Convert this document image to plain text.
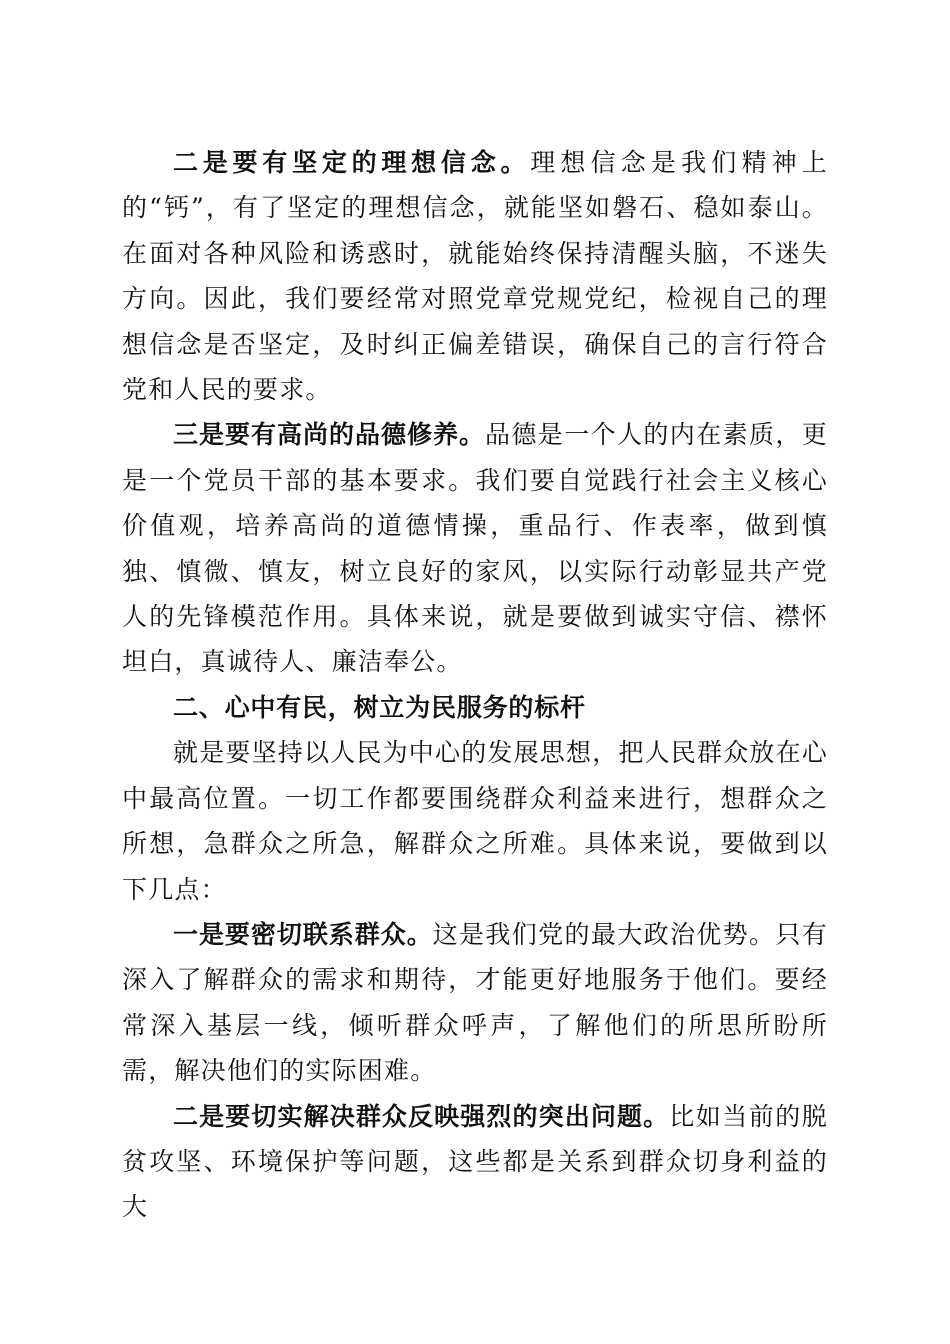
二是要有坚定的理想信念。理想信念是我们精神上的“钙”，有了坚定的理想信念，就能坚如磐石、稳如泰山。在面对各种风险和诱惑时，就能始终保持清醒头脑，不迷失方向。因此，我们要经常对照党章党规党纪，检视自己的理想信念是否坚定，及时纠正偏差错误，确保自己的言行符合党和人民的要求。

三是要有高尚的品德修养。品德是一个人的内在素质，更是一个党员干部的基本要求。我们要自觉践行社会主义核心价值观，培养高尚的道德情操，重品行、作表率，做到慎独、慎微、慎友，树立良好的家风，以实际行动彰显共产党人的先锋模范作用。具体来说，就是要做到诚实守信、襟怀坦白，真诚待人、廉洁奉公。

二、心中有民，树立为民服务的标杆

就是要坚持以人民为中心的发展思想，把人民群众放在心中最高位置。一切工作都要围绕群众利益来进行，想群众之所想，急群众之所急，解群众之所难。具体来说，要做到以下几点：

一是要密切联系群众。这是我们党的最大政治优势。只有深入了解群众的需求和期待，才能更好地服务于他们。要经常深入基层一线，倾听群众呼声，了解他们的所思所盼所需，解决他们的实际困难。

二是要切实解决群众反映强烈的突出问题。比如当前的脱贫攻坚、环境保护等问题，这些都是关系到群众切身利益的大
